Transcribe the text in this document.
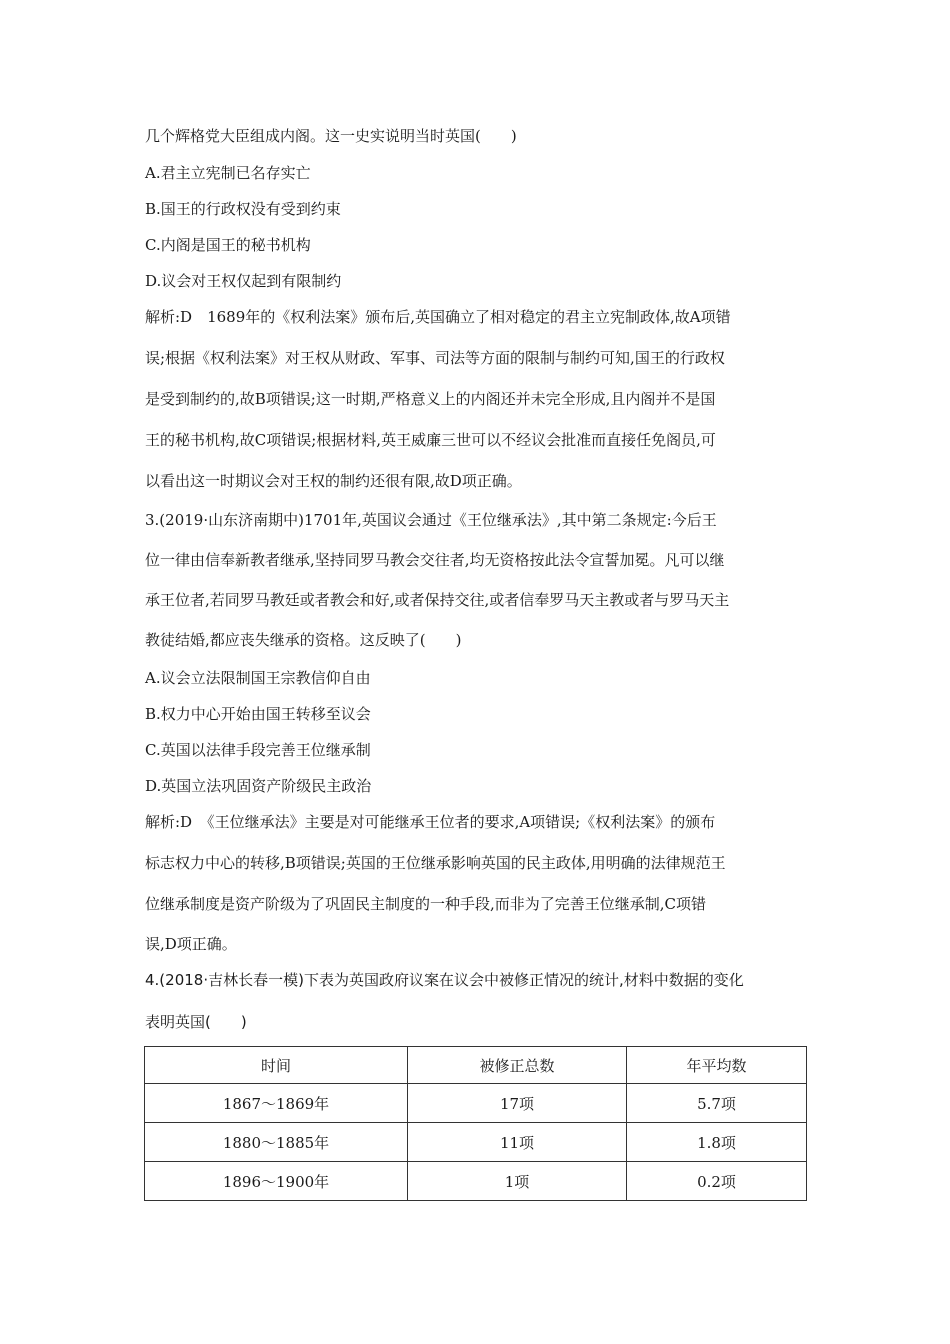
几个辉格党大臣组成内阁。这一史实说明当时英国(　　)
A.君主立宪制已名存实亡
B.国王的行政权没有受到约束
C.内阁是国王的秘书机构
D.议会对王权仅起到有限制约
解析:D　1689年的《权利法案》颁布后,英国确立了相对稳定的君主立宪制政体,故A项错
误;根据《权利法案》对王权从财政、军事、司法等方面的限制与制约可知,国王的行政权
是受到制约的,故B项错误;这一时期,严格意义上的内阁还并未完全形成,且内阁并不是国
王的秘书机构,故C项错误;根据材料,英王威廉三世可以不经议会批准而直接任免阁员,可
以看出这一时期议会对王权的制约还很有限,故D项正确。
3.(2019·山东济南期中)1701年,英国议会通过《王位继承法》,其中第二条规定:今后王
位一律由信奉新教者继承,坚持同罗马教会交往者,均无资格按此法令宣誓加冕。凡可以继
承王位者,若同罗马教廷或者教会和好,或者保持交往,或者信奉罗马天主教或者与罗马天主
教徒结婚,都应丧失继承的资格。这反映了(　　)
A.议会立法限制国王宗教信仰自由
B.权力中心开始由国王转移至议会
C.英国以法律手段完善王位继承制
D.英国立法巩固资产阶级民主政治
解析:D　《王位继承法》主要是对可能继承王位者的要求,A项错误;《权利法案》的颁布
标志权力中心的转移,B项错误;英国的王位继承影响英国的民主政体,用明确的法律规范王
位继承制度是资产阶级为了巩固民主制度的一种手段,而非为了完善王位继承制,C项错
误,D项正确。
4.(2018·吉林长春一模)下表为英国政府议案在议会中被修正情况的统计,材料中数据的变化
表明英国(　　)
时间	被修正总数	年平均数
1867～1869年	17项	5.7项
1880～1885年	11项	1.8项
1896～1900年	1项	0.2项
